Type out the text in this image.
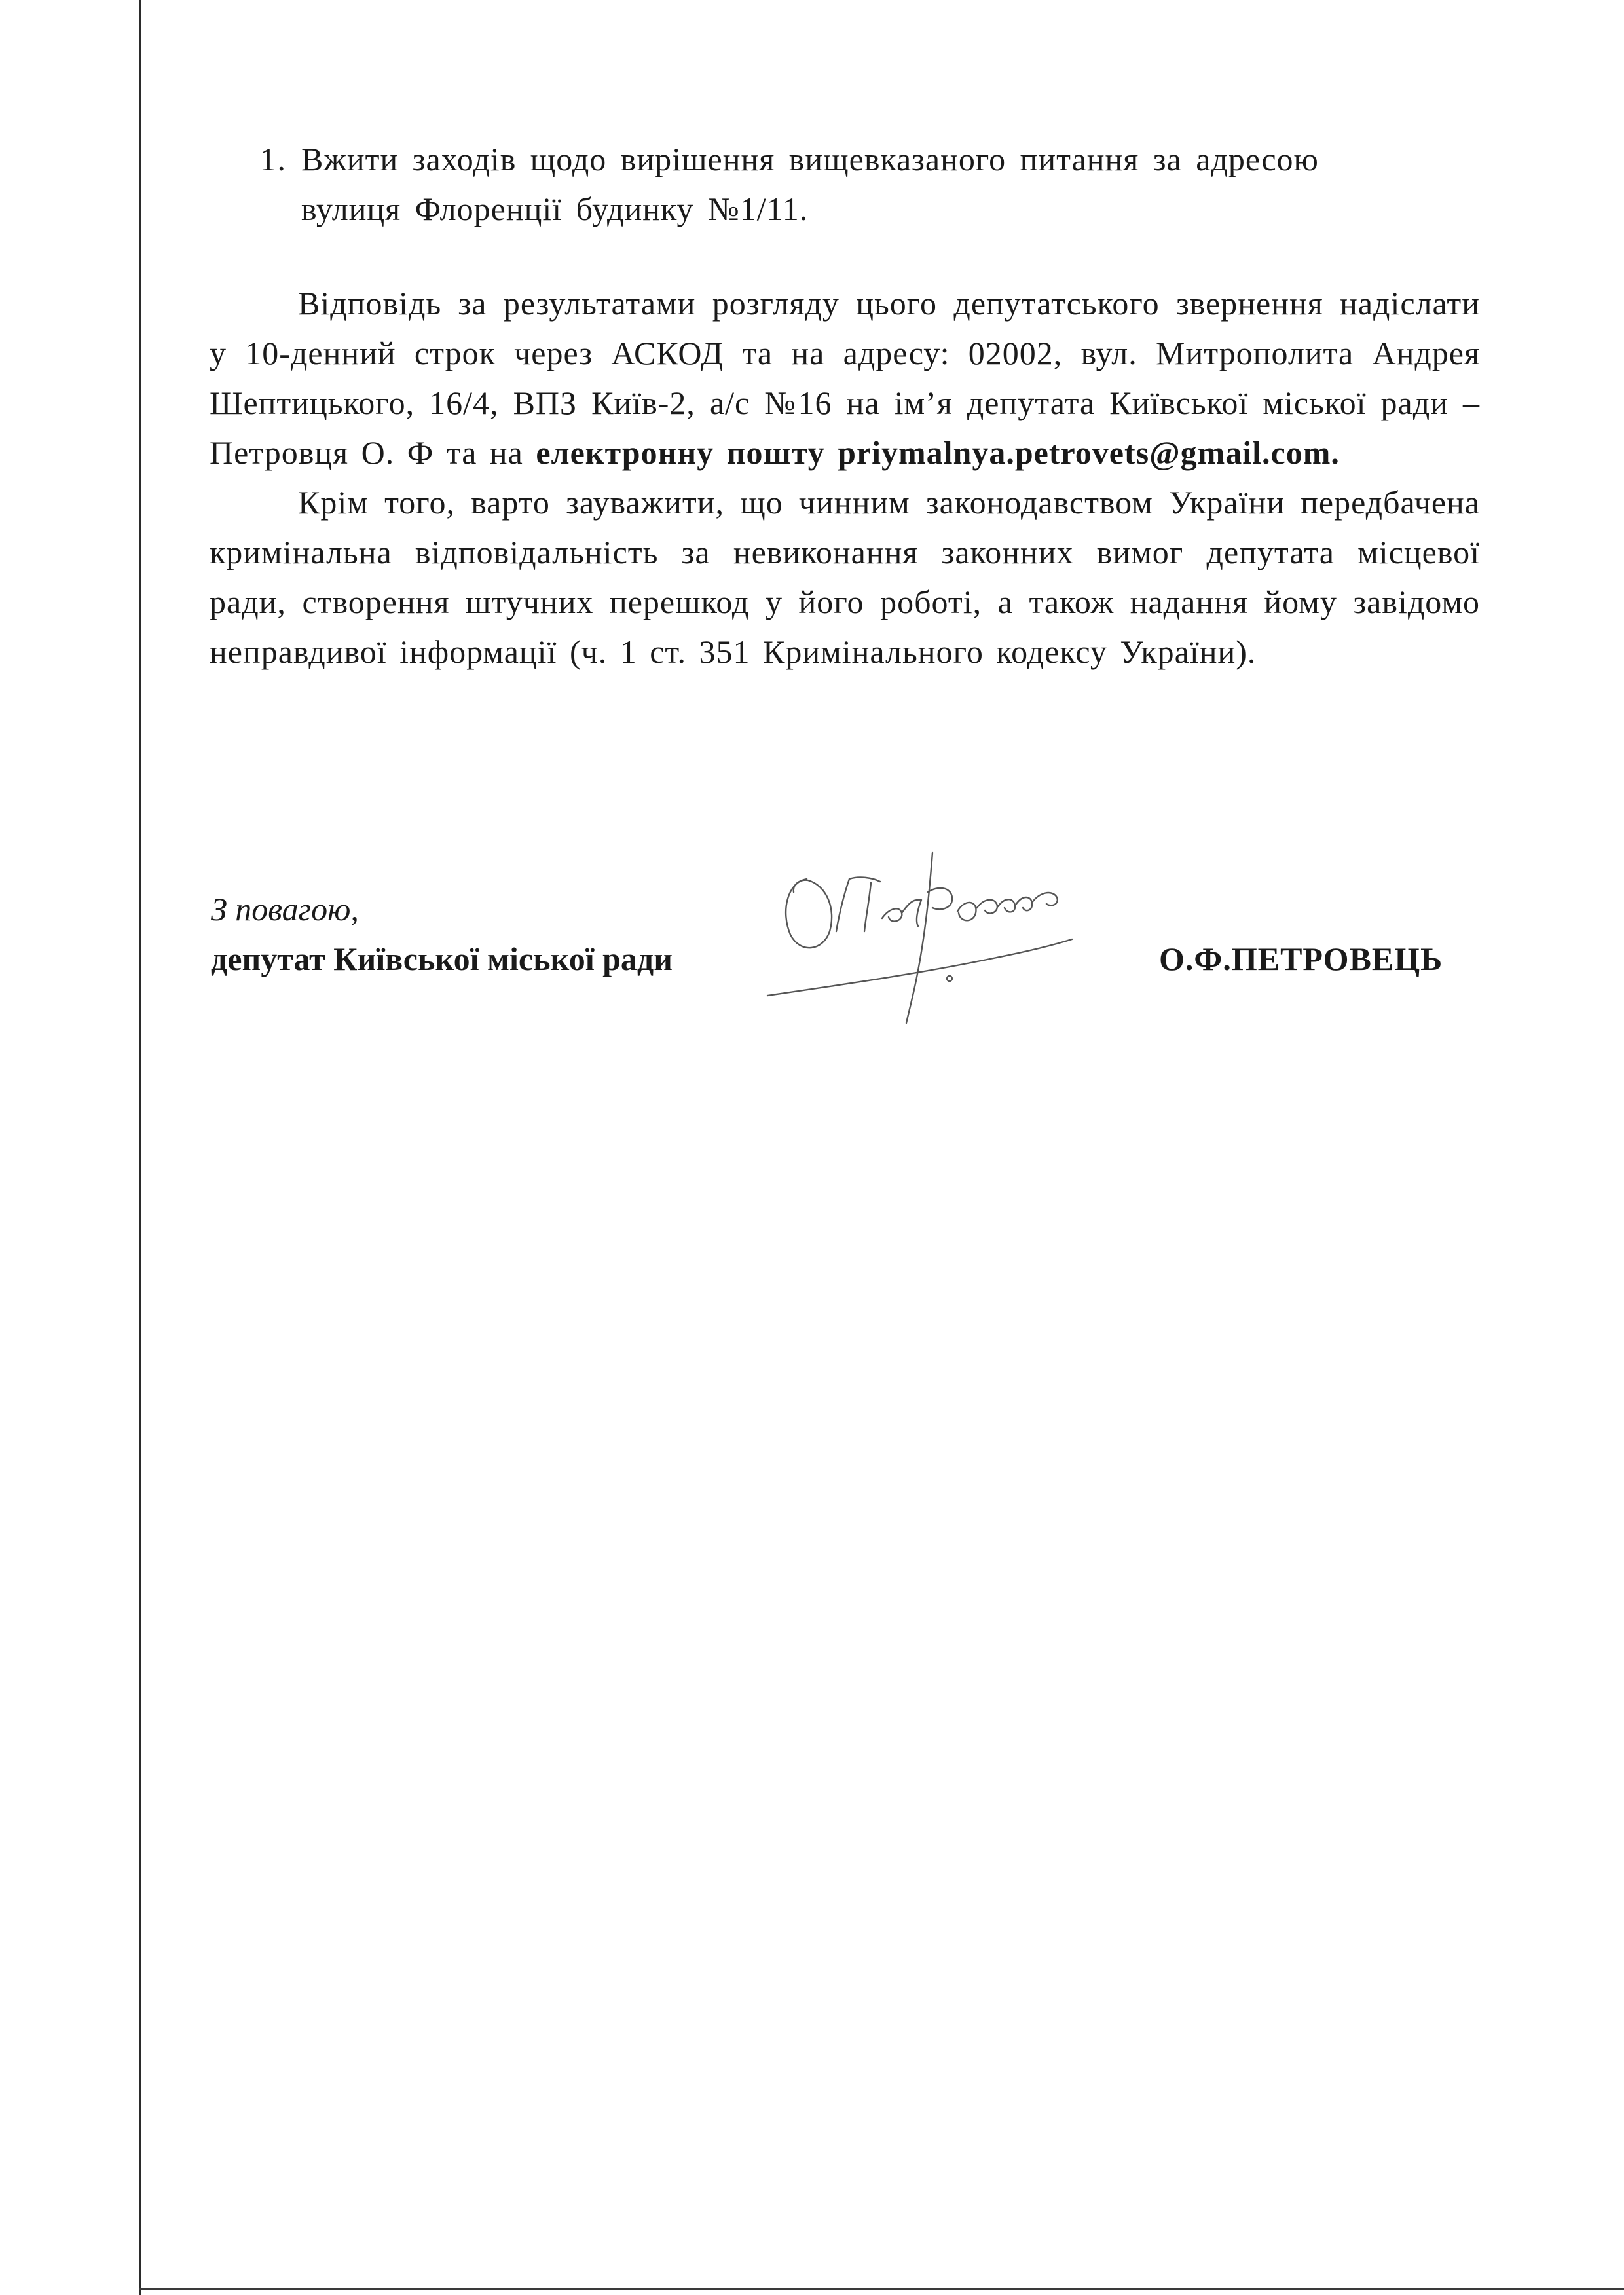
1. Вжити заходів щодо вирішення вищевказаного питання за адресою
вулиця Флоренції будинку №1/11.

Відповідь за результатами розгляду цього депутатського звернення надіслати у 10-денний строк через АСКОД та на адресу: 02002, вул. Митрополита Андрея Шептицького, 16/4, ВПЗ Київ-2, а/с №16 на ім’я депутата Київської міської ради – Петровця О. Ф та на електронну пошту priymalnya.petrovets@gmail.com.

Крім того, варто зауважити, що чинним законодавством України передбачена кримінальна відповідальність за невиконання законних вимог депутата місцевої ради, створення штучних перешкод у його роботі, а також надання йому завідомо неправдивої інформації (ч. 1 ст. 351 Кримінального кодексу України).

З повагою,
депутат Київської міської ради	О.Ф.ПЕТРОВЕЦЬ
